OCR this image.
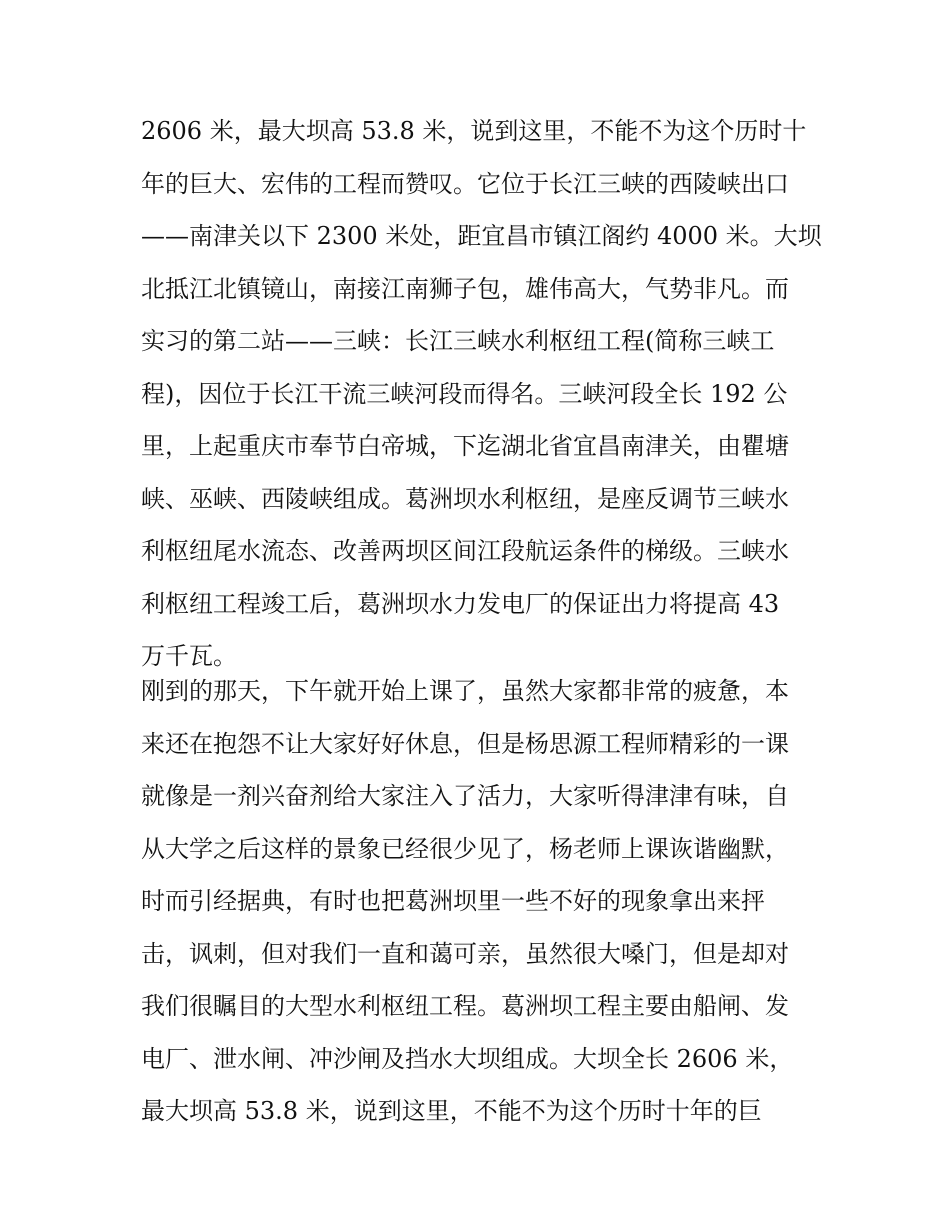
2606 米，最大坝高 53.8 米，说到这里，不能不为这个历时十
年的巨大、宏伟的工程而赞叹。它位于长江三峡的西陵峡出口
——南津关以下 2300 米处，距宜昌市镇江阁约 4000 米。大坝
北抵江北镇镜山，南接江南狮子包，雄伟高大，气势非凡。而
实习的第二站——三峡：长江三峡水利枢纽工程(简称三峡工
程)，因位于长江干流三峡河段而得名。三峡河段全长 192 公
里，上起重庆市奉节白帝城，下迄湖北省宜昌南津关，由瞿塘
峡、巫峡、西陵峡组成。葛洲坝水利枢纽，是座反调节三峡水
利枢纽尾水流态、改善两坝区间江段航运条件的梯级。三峡水
利枢纽工程竣工后，葛洲坝水力发电厂的保证出力将提高 43
万千瓦。
刚到的那天，下午就开始上课了，虽然大家都非常的疲惫，本
来还在抱怨不让大家好好休息，但是杨思源工程师精彩的一课
就像是一剂兴奋剂给大家注入了活力，大家听得津津有味，自
从大学之后这样的景象已经很少见了，杨老师上课诙谐幽默，
时而引经据典，有时也把葛洲坝里一些不好的现象拿出来抨
击，讽刺，但对我们一直和蔼可亲，虽然很大嗓门，但是却对
我们很瞩目的大型水利枢纽工程。葛洲坝工程主要由船闸、发
电厂、泄水闸、冲沙闸及挡水大坝组成。大坝全长 2606 米，
最大坝高 53.8 米，说到这里，不能不为这个历时十年的巨
